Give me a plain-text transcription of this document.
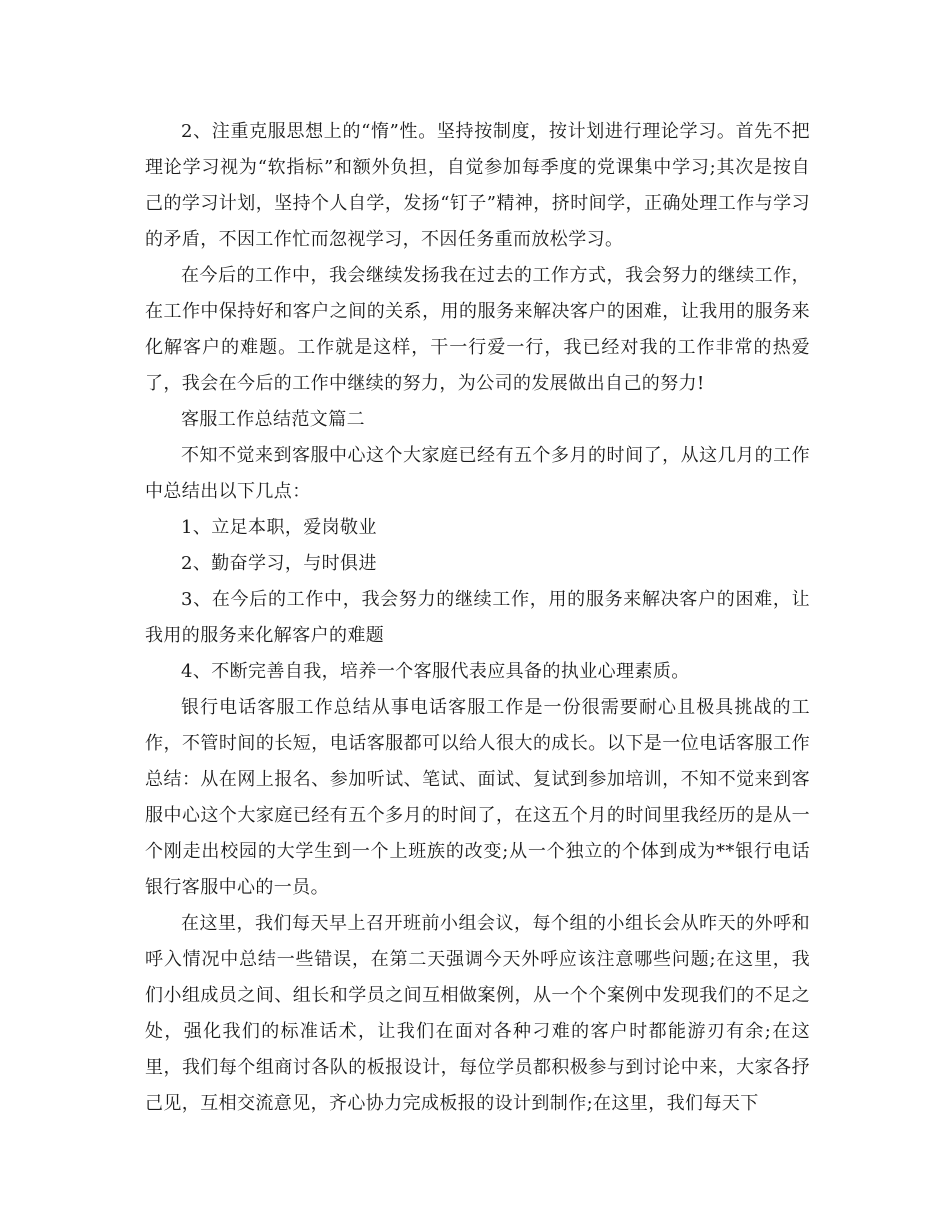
2、注重克服思想上的“惰”性。坚持按制度，按计划进行理论学习。首先不把理论学习视为“软指标”和额外负担，自觉参加每季度的党课集中学习;其次是按自己的学习计划，坚持个人自学，发扬“钉子”精神，挤时间学，正确处理工作与学习的矛盾，不因工作忙而忽视学习，不因任务重而放松学习。

在今后的工作中，我会继续发扬我在过去的工作方式，我会努力的继续工作，在工作中保持好和客户之间的关系，用的服务来解决客户的困难，让我用的服务来化解客户的难题。工作就是这样，干一行爱一行，我已经对我的工作非常的热爱了，我会在今后的工作中继续的努力，为公司的发展做出自己的努力!

客服工作总结范文篇二

不知不觉来到客服中心这个大家庭已经有五个多月的时间了，从这几月的工作中总结出以下几点：

1、立足本职，爱岗敬业

2、勤奋学习，与时俱进

3、在今后的工作中，我会努力的继续工作，用的服务来解决客户的困难，让我用的服务来化解客户的难题

4、不断完善自我，培养一个客服代表应具备的执业心理素质。

银行电话客服工作总结从事电话客服工作是一份很需要耐心且极具挑战的工作，不管时间的长短，电话客服都可以给人很大的成长。以下是一位电话客服工作总结：从在网上报名、参加听试、笔试、面试、复试到参加培训，不知不觉来到客服中心这个大家庭已经有五个多月的时间了，在这五个月的时间里我经历的是从一个刚走出校园的大学生到一个上班族的改变;从一个独立的个体到成为**银行电话银行客服中心的一员。

在这里，我们每天早上召开班前小组会议，每个组的小组长会从昨天的外呼和呼入情况中总结一些错误，在第二天强调今天外呼应该注意哪些问题;在这里，我们小组成员之间、组长和学员之间互相做案例，从一个个案例中发现我们的不足之处，强化我们的标准话术，让我们在面对各种刁难的客户时都能游刃有余;在这里，我们每个组商讨各队的板报设计，每位学员都积极参与到讨论中来，大家各抒己见，互相交流意见，齐心协力完成板报的设计到制作;在这里，我们每天下
